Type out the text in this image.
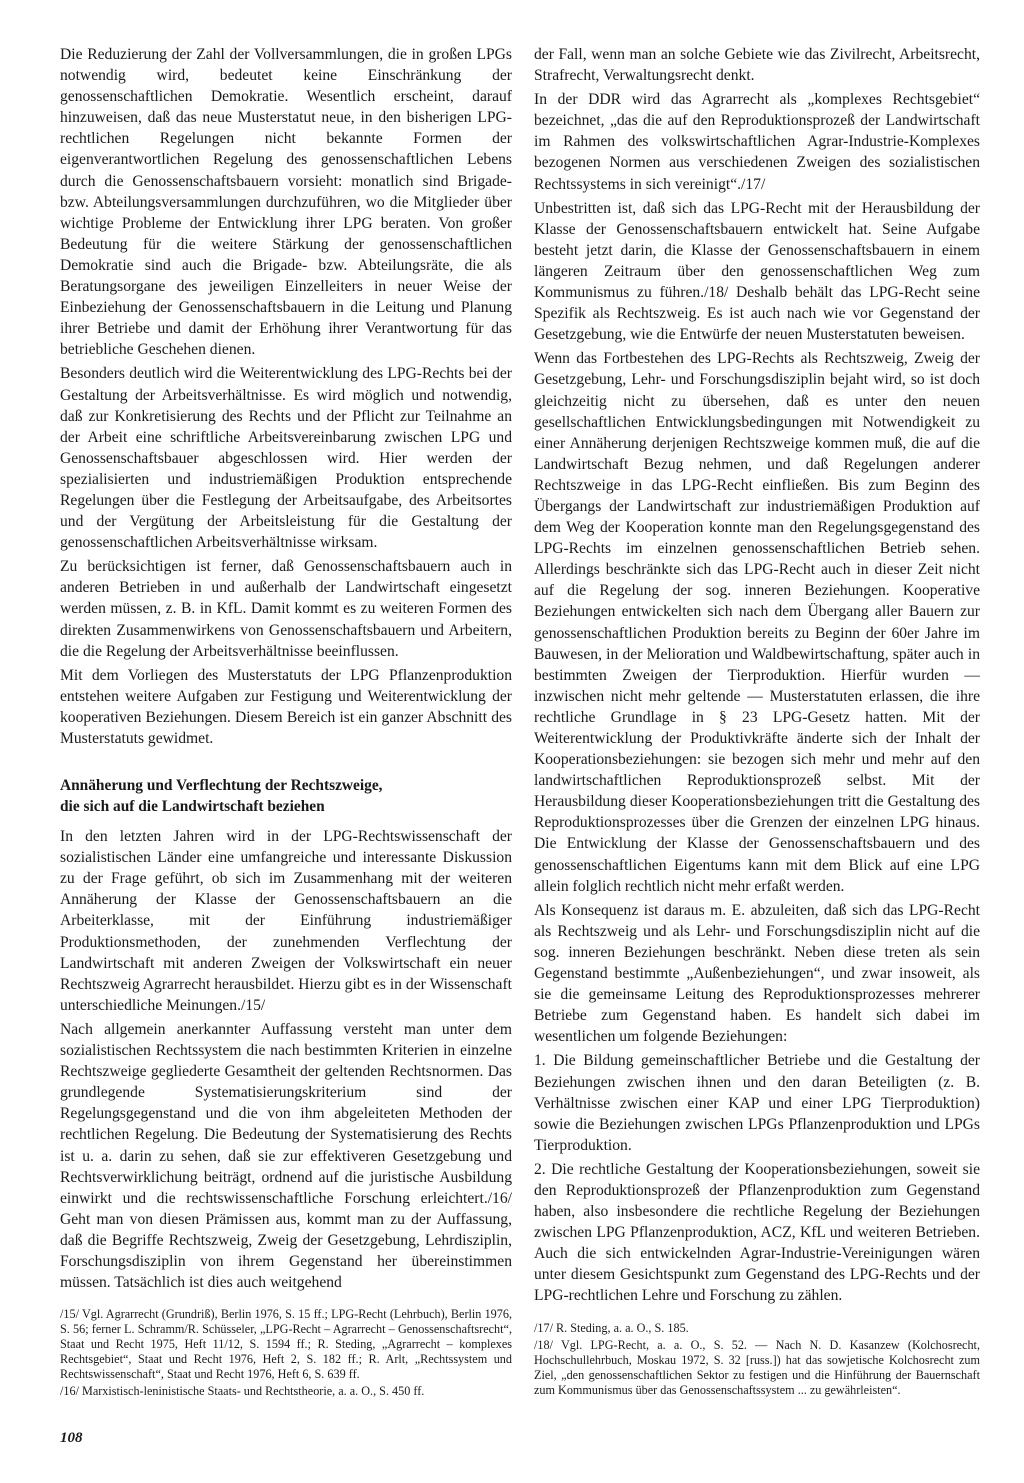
Die Reduzierung der Zahl der Vollversammlungen, die in großen LPGs notwendig wird, bedeutet keine Einschränkung der genossenschaftlichen Demokratie. Wesentlich erscheint, darauf hinzuweisen, daß das neue Musterstatut neue, in den bisherigen LPG-rechtlichen Regelungen nicht bekannte Formen der eigenverantwortlichen Regelung des genossenschaftlichen Lebens durch die Genossenschaftsbauern vorsieht: monatlich sind Brigade- bzw. Abteilungsversammlungen durchzuführen, wo die Mitglieder über wichtige Probleme der Entwicklung ihrer LPG beraten. Von großer Bedeutung für die weitere Stärkung der genossenschaftlichen Demokratie sind auch die Brigade- bzw. Abteilungsräte, die als Beratungsorgane des jeweiligen Einzelleiters in neuer Weise der Einbeziehung der Genossenschaftsbauern in die Leitung und Planung ihrer Betriebe und damit der Erhöhung ihrer Verantwortung für das betriebliche Geschehen dienen.

Besonders deutlich wird die Weiterentwicklung des LPG-Rechts bei der Gestaltung der Arbeitsverhältnisse. Es wird möglich und notwendig, daß zur Konkretisierung des Rechts und der Pflicht zur Teilnahme an der Arbeit eine schriftliche Arbeitsvereinbarung zwischen LPG und Genossenschaftsbauer abgeschlossen wird. Hier werden der spezialisierten und industriemäßigen Produktion entsprechende Regelungen über die Festlegung der Arbeitsaufgabe, des Arbeitsortes und der Vergütung der Arbeitsleistung für die Gestaltung der genossenschaftlichen Arbeitsverhältnisse wirksam.

Zu berücksichtigen ist ferner, daß Genossenschaftsbauern auch in anderen Betrieben in und außerhalb der Landwirtschaft eingesetzt werden müssen, z. B. in KfL. Damit kommt es zu weiteren Formen des direkten Zusammenwirkens von Genossenschaftsbauern und Arbeitern, die die Regelung der Arbeitsverhältnisse beeinflussen.

Mit dem Vorliegen des Musterstatuts der LPG Pflanzenproduktion entstehen weitere Aufgaben zur Festigung und Weiterentwicklung der kooperativen Beziehungen. Diesem Bereich ist ein ganzer Abschnitt des Musterstatuts gewidmet.

Annäherung und Verflechtung der Rechtszweige,
die sich auf die Landwirtschaft beziehen

In den letzten Jahren wird in der LPG-Rechtswissenschaft der sozialistischen Länder eine umfangreiche und interessante Diskussion zu der Frage geführt, ob sich im Zusammenhang mit der weiteren Annäherung der Klasse der Genossenschaftsbauern an die Arbeiterklasse, mit der Einführung industriemäßiger Produktionsmethoden, der zunehmenden Verflechtung der Landwirtschaft mit anderen Zweigen der Volkswirtschaft ein neuer Rechtszweig Agrarrecht herausbildet. Hierzu gibt es in der Wissenschaft unterschiedliche Meinungen./15/

Nach allgemein anerkannter Auffassung versteht man unter dem sozialistischen Rechtssystem die nach bestimmten Kriterien in einzelne Rechtszweige gegliederte Gesamtheit der geltenden Rechtsnormen. Das grundlegende Systematisierungskriterium sind der Regelungsgegenstand und die von ihm abgeleiteten Methoden der rechtlichen Regelung. Die Bedeutung der Systematisierung des Rechts ist u. a. darin zu sehen, daß sie zur effektiveren Gesetzgebung und Rechtsverwirklichung beiträgt, ordnend auf die juristische Ausbildung einwirkt und die rechtswissenschaftliche Forschung erleichtert./16/ Geht man von diesen Prämissen aus, kommt man zu der Auffassung, daß die Begriffe Rechtszweig, Zweig der Gesetzgebung, Lehrdisziplin, Forschungsdisziplin von ihrem Gegenstand her übereinstimmen müssen. Tatsächlich ist dies auch weitgehend

/15/ Vgl. Agrarrecht (Grundriß), Berlin 1976, S. 15 ff.; LPG-Recht (Lehrbuch), Berlin 1976, S. 56; ferner L. Schramm/R. Schüsseler, „LPG-Recht – Agrarrecht – Genossenschaftsrecht“, Staat und Recht 1975, Heft 11/12, S. 1594 ff.; R. Steding, „Agrarrecht – komplexes Rechtsgebiet“, Staat und Recht 1976, Heft 2, S. 182 ff.; R. Arlt, „Rechtssystem und Rechtswissenschaft“, Staat und Recht 1976, Heft 6, S. 639 ff.

/16/ Marxistisch-leninistische Staats- und Rechtstheorie, a. a. O., S. 450 ff.

der Fall, wenn man an solche Gebiete wie das Zivilrecht, Arbeitsrecht, Strafrecht, Verwaltungsrecht denkt.

In der DDR wird das Agrarrecht als „komplexes Rechtsgebiet“ bezeichnet, „das die auf den Reproduktionsprozeß der Landwirtschaft im Rahmen des volkswirtschaftlichen Agrar-Industrie-Komplexes bezogenen Normen aus verschiedenen Zweigen des sozialistischen Rechtssystems in sich vereinigt“./17/

Unbestritten ist, daß sich das LPG-Recht mit der Herausbildung der Klasse der Genossenschaftsbauern entwickelt hat. Seine Aufgabe besteht jetzt darin, die Klasse der Genossenschaftsbauern in einem längeren Zeitraum über den genossenschaftlichen Weg zum Kommunismus zu führen./18/ Deshalb behält das LPG-Recht seine Spezifik als Rechtszweig. Es ist auch nach wie vor Gegenstand der Gesetzgebung, wie die Entwürfe der neuen Musterstatuten beweisen.

Wenn das Fortbestehen des LPG-Rechts als Rechtszweig, Zweig der Gesetzgebung, Lehr- und Forschungsdisziplin bejaht wird, so ist doch gleichzeitig nicht zu übersehen, daß es unter den neuen gesellschaftlichen Entwicklungsbedingungen mit Notwendigkeit zu einer Annäherung derjenigen Rechtszweige kommen muß, die auf die Landwirtschaft Bezug nehmen, und daß Regelungen anderer Rechtszweige in das LPG-Recht einfließen. Bis zum Beginn des Übergangs der Landwirtschaft zur industriemäßigen Produktion auf dem Weg der Kooperation konnte man den Regelungsgegenstand des LPG-Rechts im einzelnen genossenschaftlichen Betrieb sehen. Allerdings beschränkte sich das LPG-Recht auch in dieser Zeit nicht auf die Regelung der sog. inneren Beziehungen. Kooperative Beziehungen entwickelten sich nach dem Übergang aller Bauern zur genossenschaftlichen Produktion bereits zu Beginn der 60er Jahre im Bauwesen, in der Melioration und Waldbewirtschaftung, später auch in bestimmten Zweigen der Tierproduktion. Hierfür wurden — inzwischen nicht mehr geltende — Musterstatuten erlassen, die ihre rechtliche Grundlage in § 23 LPG-Gesetz hatten. Mit der Weiterentwicklung der Produktivkräfte änderte sich der Inhalt der Kooperationsbeziehungen: sie bezogen sich mehr und mehr auf den landwirtschaftlichen Reproduktionsprozeß selbst. Mit der Herausbildung dieser Kooperationsbeziehungen tritt die Gestaltung des Reproduktionsprozesses über die Grenzen der einzelnen LPG hinaus. Die Entwicklung der Klasse der Genossenschaftsbauern und des genossenschaftlichen Eigentums kann mit dem Blick auf eine LPG allein folglich rechtlich nicht mehr erfaßt werden.

Als Konsequenz ist daraus m. E. abzuleiten, daß sich das LPG-Recht als Rechtszweig und als Lehr- und Forschungsdisziplin nicht auf die sog. inneren Beziehungen beschränkt. Neben diese treten als sein Gegenstand bestimmte „Außenbeziehungen“, und zwar insoweit, als sie die gemeinsame Leitung des Reproduktionsprozesses mehrerer Betriebe zum Gegenstand haben. Es handelt sich dabei im wesentlichen um folgende Beziehungen:

1. Die Bildung gemeinschaftlicher Betriebe und die Gestaltung der Beziehungen zwischen ihnen und den daran Beteiligten (z. B. Verhältnisse zwischen einer KAP und einer LPG Tierproduktion) sowie die Beziehungen zwischen LPGs Pflanzenproduktion und LPGs Tierproduktion.

2. Die rechtliche Gestaltung der Kooperationsbeziehungen, soweit sie den Reproduktionsprozeß der Pflanzenproduktion zum Gegenstand haben, also insbesondere die rechtliche Regelung der Beziehungen zwischen LPG Pflanzenproduktion, ACZ, KfL und weiteren Betrieben. Auch die sich entwickelnden Agrar-Industrie-Vereinigungen wären unter diesem Gesichtspunkt zum Gegenstand des LPG-Rechts und der LPG-rechtlichen Lehre und Forschung zu zählen.

/17/ R. Steding, a. a. O., S. 185.

/18/ Vgl. LPG-Recht, a. a. O., S. 52. — Nach N. D. Kasanzew (Kolchosrecht, Hochschullehrbuch, Moskau 1972, S. 32 [russ.]) hat das sowjetische Kolchosrecht zum Ziel, „den genossenschaftlichen Sektor zu festigen und die Hinführung der Bauernschaft zum Kommunismus über das Genossenschaftssystem ... zu gewährleisten“.

108
